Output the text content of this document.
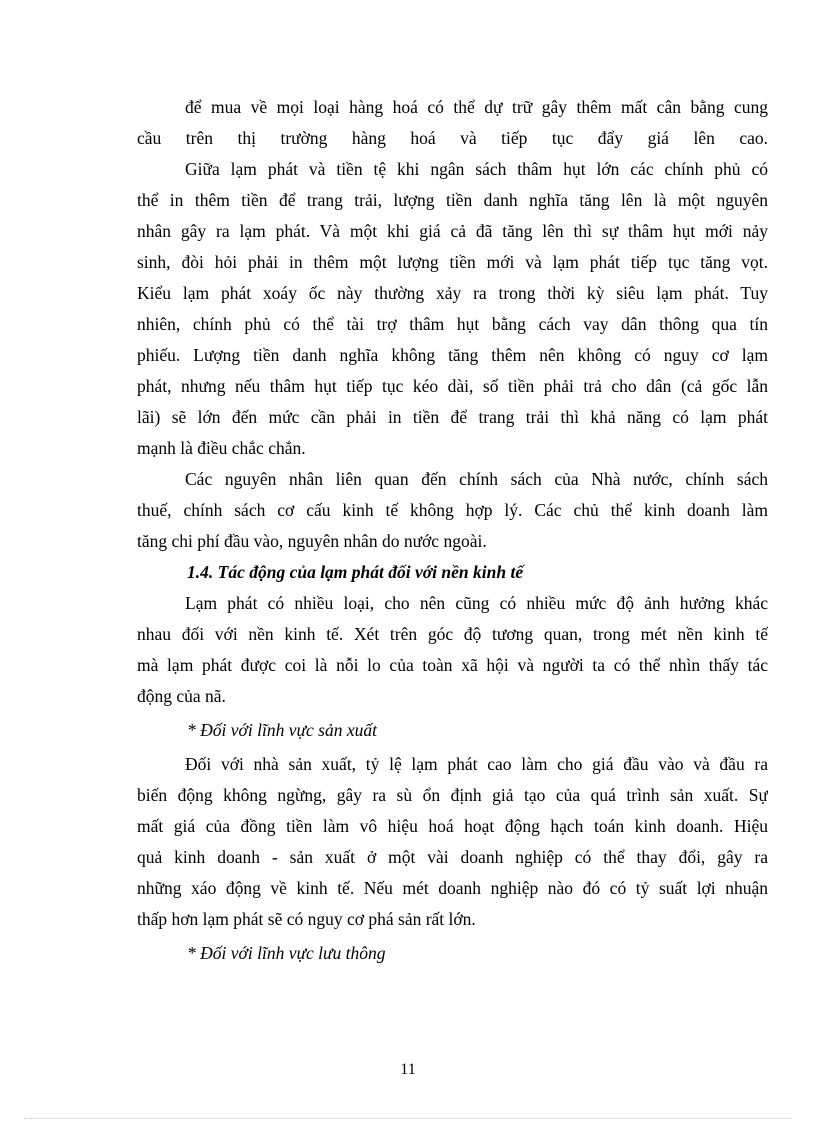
để mua về mọi loại hàng hoá có thể dự trữ gây thêm mất cân bằng cung
cầu trên thị trường hàng hoá và tiếp tục đẩy giá lên cao.
Giữa lạm phát và tiền tệ khi ngân sách thâm hụt lớn các chính phủ có
thể in thêm tiền để trang trải, lượng tiền danh nghĩa tăng lên là một nguyên
nhân gây ra lạm phát. Và một khi giá cả đã tăng lên thì sự thâm hụt mới nảy
sinh, đòi hỏi phải in thêm một lượng tiền mới và lạm phát tiếp tục tăng vọt.
Kiểu lạm phát xoáy ốc này thường xảy ra trong thời kỳ siêu lạm phát. Tuy
nhiên, chính phủ có thể tài trợ thâm hụt bằng cách vay dân thông qua tín
phiếu. Lượng tiền danh nghĩa không tăng thêm nên không có nguy cơ lạm
phát, nhưng nếu thâm hụt tiếp tục kéo dài, số tiền phải trả cho dân (cả gốc lẫn
lãi) sẽ lớn đến mức cần phải in tiền để trang trải thì khả năng có lạm phát
mạnh là điều chắc chắn.
Các nguyên nhân liên quan đến chính sách của Nhà nước, chính sách
thuế, chính sách cơ cấu kinh tế không hợp lý. Các chủ thể kinh doanh làm
tăng chi phí đầu vào, nguyên nhân do nước ngoài.
1.4. Tác động của lạm phát đối với nền kinh tế
Lạm phát có nhiều loại, cho nên cũng có nhiều mức độ ảnh hưởng khác
nhau đối với nền kinh tế. Xét trên góc độ tương quan, trong mét nền kinh tế
mà lạm phát được coi là nỗi lo của toàn xã hội và người ta có thể nhìn thấy tác
động của nã.
* Đối với lĩnh vực sản xuất
Đối với nhà sản xuất, tỷ lệ lạm phát cao làm cho giá đầu vào và đầu ra
biến động không ngừng, gây ra sù ổn định giả tạo của quá trình sản xuất. Sự
mất giá của đồng tiền làm vô hiệu hoá hoạt động hạch toán kinh doanh. Hiệu
quả kinh doanh - sản xuất ở một vài doanh nghiệp có thể thay đổi, gây ra
những xáo động về kinh tế. Nếu mét doanh nghiệp nào đó có tỷ suất lợi nhuận
thấp hơn lạm phát sẽ có nguy cơ phá sản rất lớn.
* Đối với lĩnh vực lưu thông
11
